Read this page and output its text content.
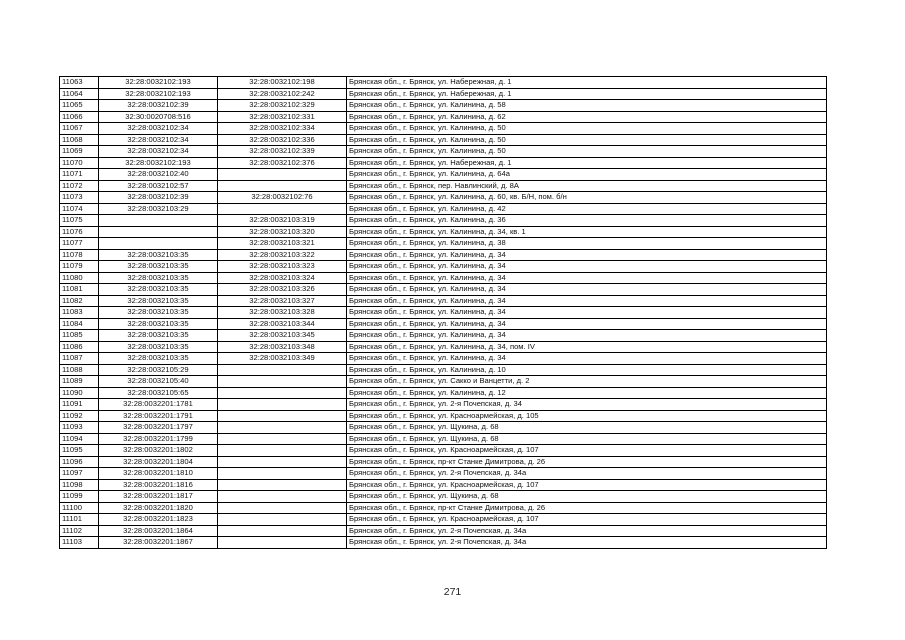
11063	32:28:0032102:193	32:28:0032102:198	Брянская обл., г. Брянск, ул. Набережная, д. 1
11064	32:28:0032102:193	32:28:0032102:242	Брянская обл., г. Брянск, ул. Набережная, д. 1
11065	32:28:0032102:39	32:28:0032102:329	Брянская обл., г. Брянск, ул. Калинина, д. 58
11066	32:30:0020708:516	32:28:0032102:331	Брянская обл., г. Брянск, ул. Калинина, д. 62
11067	32:28:0032102:34	32:28:0032102:334	Брянская обл., г. Брянск, ул. Калинина, д. 50
11068	32:28:0032102:34	32:28:0032102:336	Брянская обл., г. Брянск, ул. Калинина, д. 50
11069	32:28:0032102:34	32:28:0032102:339	Брянская обл., г. Брянск, ул. Калинина, д. 50
11070	32:28:0032102:193	32:28:0032102:376	Брянская обл., г. Брянск, ул. Набережная, д. 1
11071	32:28:0032102:40		Брянская обл., г. Брянск, ул. Калинина, д. 64а
11072	32:28:0032102:57		Брянская обл., г. Брянск, пер. Навлинский, д. 8А
11073	32:28:0032102:39	32:28:0032102:76	Брянская обл., г. Брянск, ул. Калинина, д. 60, кв. Б/Н, пом. б/н
11074	32:28:0032103:29		Брянская обл., г. Брянск, ул. Калинина, д. 42
11075		32:28:0032103:319	Брянская обл., г. Брянск, ул. Калинина, д. 36
11076		32:28:0032103:320	Брянская обл., г. Брянск, ул. Калинина, д. 34, кв. 1
11077		32:28:0032103:321	Брянская обл., г. Брянск, ул. Калинина, д. 38
11078	32:28:0032103:35	32:28:0032103:322	Брянская обл., г. Брянск, ул. Калинина, д. 34
11079	32:28:0032103:35	32:28:0032103:323	Брянская обл., г. Брянск, ул. Калинина, д. 34
11080	32:28:0032103:35	32:28:0032103:324	Брянская обл., г. Брянск, ул. Калинина, д. 34
11081	32:28:0032103:35	32:28:0032103:326	Брянская обл., г. Брянск, ул. Калинина, д. 34
11082	32:28:0032103:35	32:28:0032103:327	Брянская обл., г. Брянск, ул. Калинина, д. 34
11083	32:28:0032103:35	32:28:0032103:328	Брянская обл., г. Брянск, ул. Калинина, д. 34
11084	32:28:0032103:35	32:28:0032103:344	Брянская обл., г. Брянск, ул. Калинина, д. 34
11085	32:28:0032103:35	32:28:0032103:345	Брянская обл., г. Брянск, ул. Калинина, д. 34
11086	32:28:0032103:35	32:28:0032103:348	Брянская обл., г. Брянск, ул. Калинина, д. 34, пом. IV
11087	32:28:0032103:35	32:28:0032103:349	Брянская обл., г. Брянск, ул. Калинина, д. 34
11088	32:28:0032105:29		Брянская обл., г. Брянск, ул. Калинина, д. 10
11089	32:28:0032105:40		Брянская обл., г. Брянск, ул. Сакко и Ванцетти, д. 2
11090	32:28:0032105:65		Брянская обл., г. Брянск, ул. Калинина, д. 12
11091	32:28:0032201:1781		Брянская обл., г. Брянск, ул. 2-я Почепская, д. 34
11092	32:28:0032201:1791		Брянская обл., г. Брянск, ул. Красноармейская, д. 105
11093	32:28:0032201:1797		Брянская обл., г. Брянск, ул. Щукина, д. 68
11094	32:28:0032201:1799		Брянская обл., г. Брянск, ул. Щукина, д. 68
11095	32:28:0032201:1802		Брянская обл., г. Брянск, ул. Красноармейская, д. 107
11096	32:28:0032201:1804		Брянская обл., г. Брянск, пр-кт Станке Димитрова, д. 26
11097	32:28:0032201:1810		Брянская обл., г. Брянск, ул. 2-я Почепская, д. 34а
11098	32:28:0032201:1816		Брянская обл., г. Брянск, ул. Красноармейская, д. 107
11099	32:28:0032201:1817		Брянская обл., г. Брянск, ул. Щукина, д. 68
11100	32:28:0032201:1820		Брянская обл., г. Брянск, пр-кт Станке Димитрова, д. 26
11101	32:28:0032201:1823		Брянская обл., г. Брянск, ул. Красноармейская, д. 107
11102	32:28:0032201:1864		Брянская обл., г. Брянск, ул. 2-я Почепская, д. 34а
11103	32:28:0032201:1867		Брянская обл., г. Брянск, ул. 2-я Почепская, д. 34а
271
